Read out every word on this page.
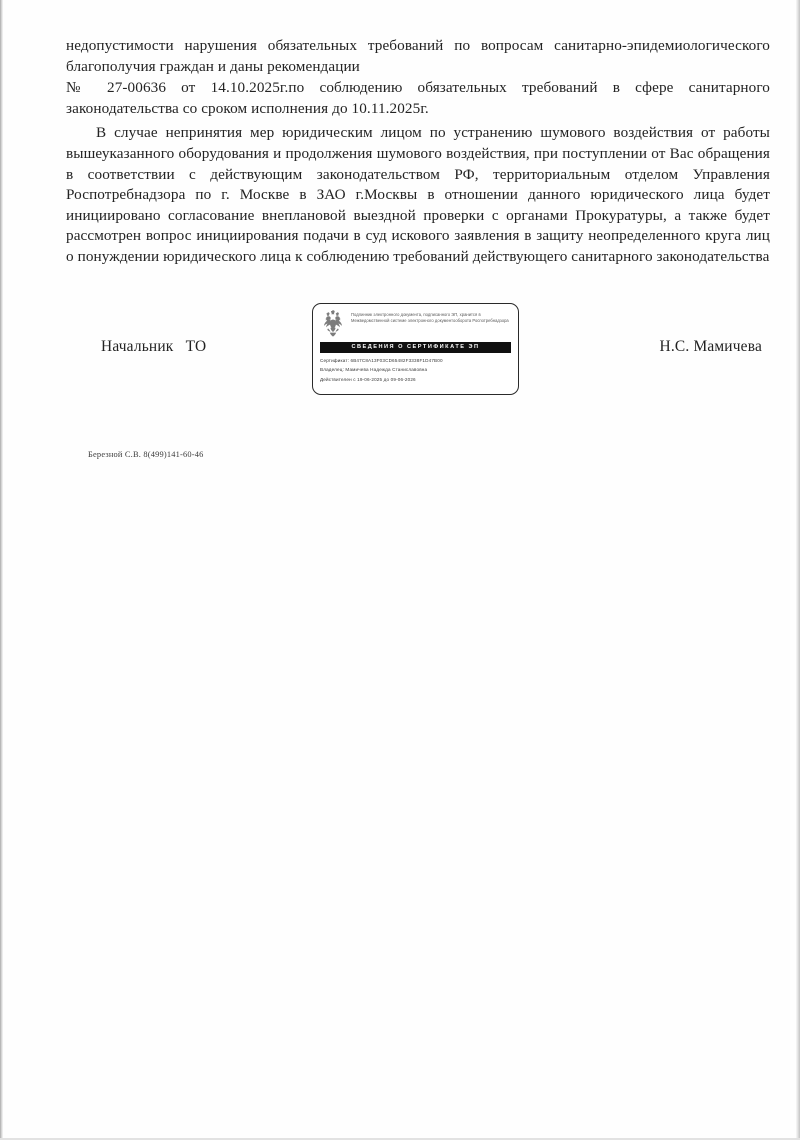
недопустимости нарушения обязательных требований по вопросам санитарно-эпидемиологического благополучия граждан и даны рекомендации

№ 27-00636 от 14.10.2025г.по соблюдению обязательных требований в сфере санитарного законодательства со сроком исполнения до 10.11.2025г.

В случае непринятия мер юридическим лицом по устранению шумового воздействия от работы вышеуказанного оборудования и продолжения шумового воздействия, при поступлении от Вас обращения в соответствии с действующим законодательством РФ, территориальным отделом Управления Роспотребнадзора по г. Москве в ЗАО г.Москвы в отношении данного юридического лица будет инициировано согласование внеплановой выездной проверки с органами Прокуратуры, а также будет рассмотрен вопрос инициирования подачи в суд искового заявления в защиту неопределенного круга лиц о понуждении юридического лица к соблюдению требований действующего санитарного законодательства

Начальник   ТО	Н.С. Мамичева
Подлинник электронного документа, подписанного ЭП, хранится в Межведомственной системе электронного документооборота Роспотребнадзора
СВЕДЕНИЯ О СЕРТИФИКАТЕ ЭП
Сертификат: 6B47C8A13F03CD65482F3338F1D47B00
Владелец: Мамичева Надежда Станиславовна
Действителен с 19-06-2025 до 09-06-2026
Березной С.В. 8(499)141-60-46
